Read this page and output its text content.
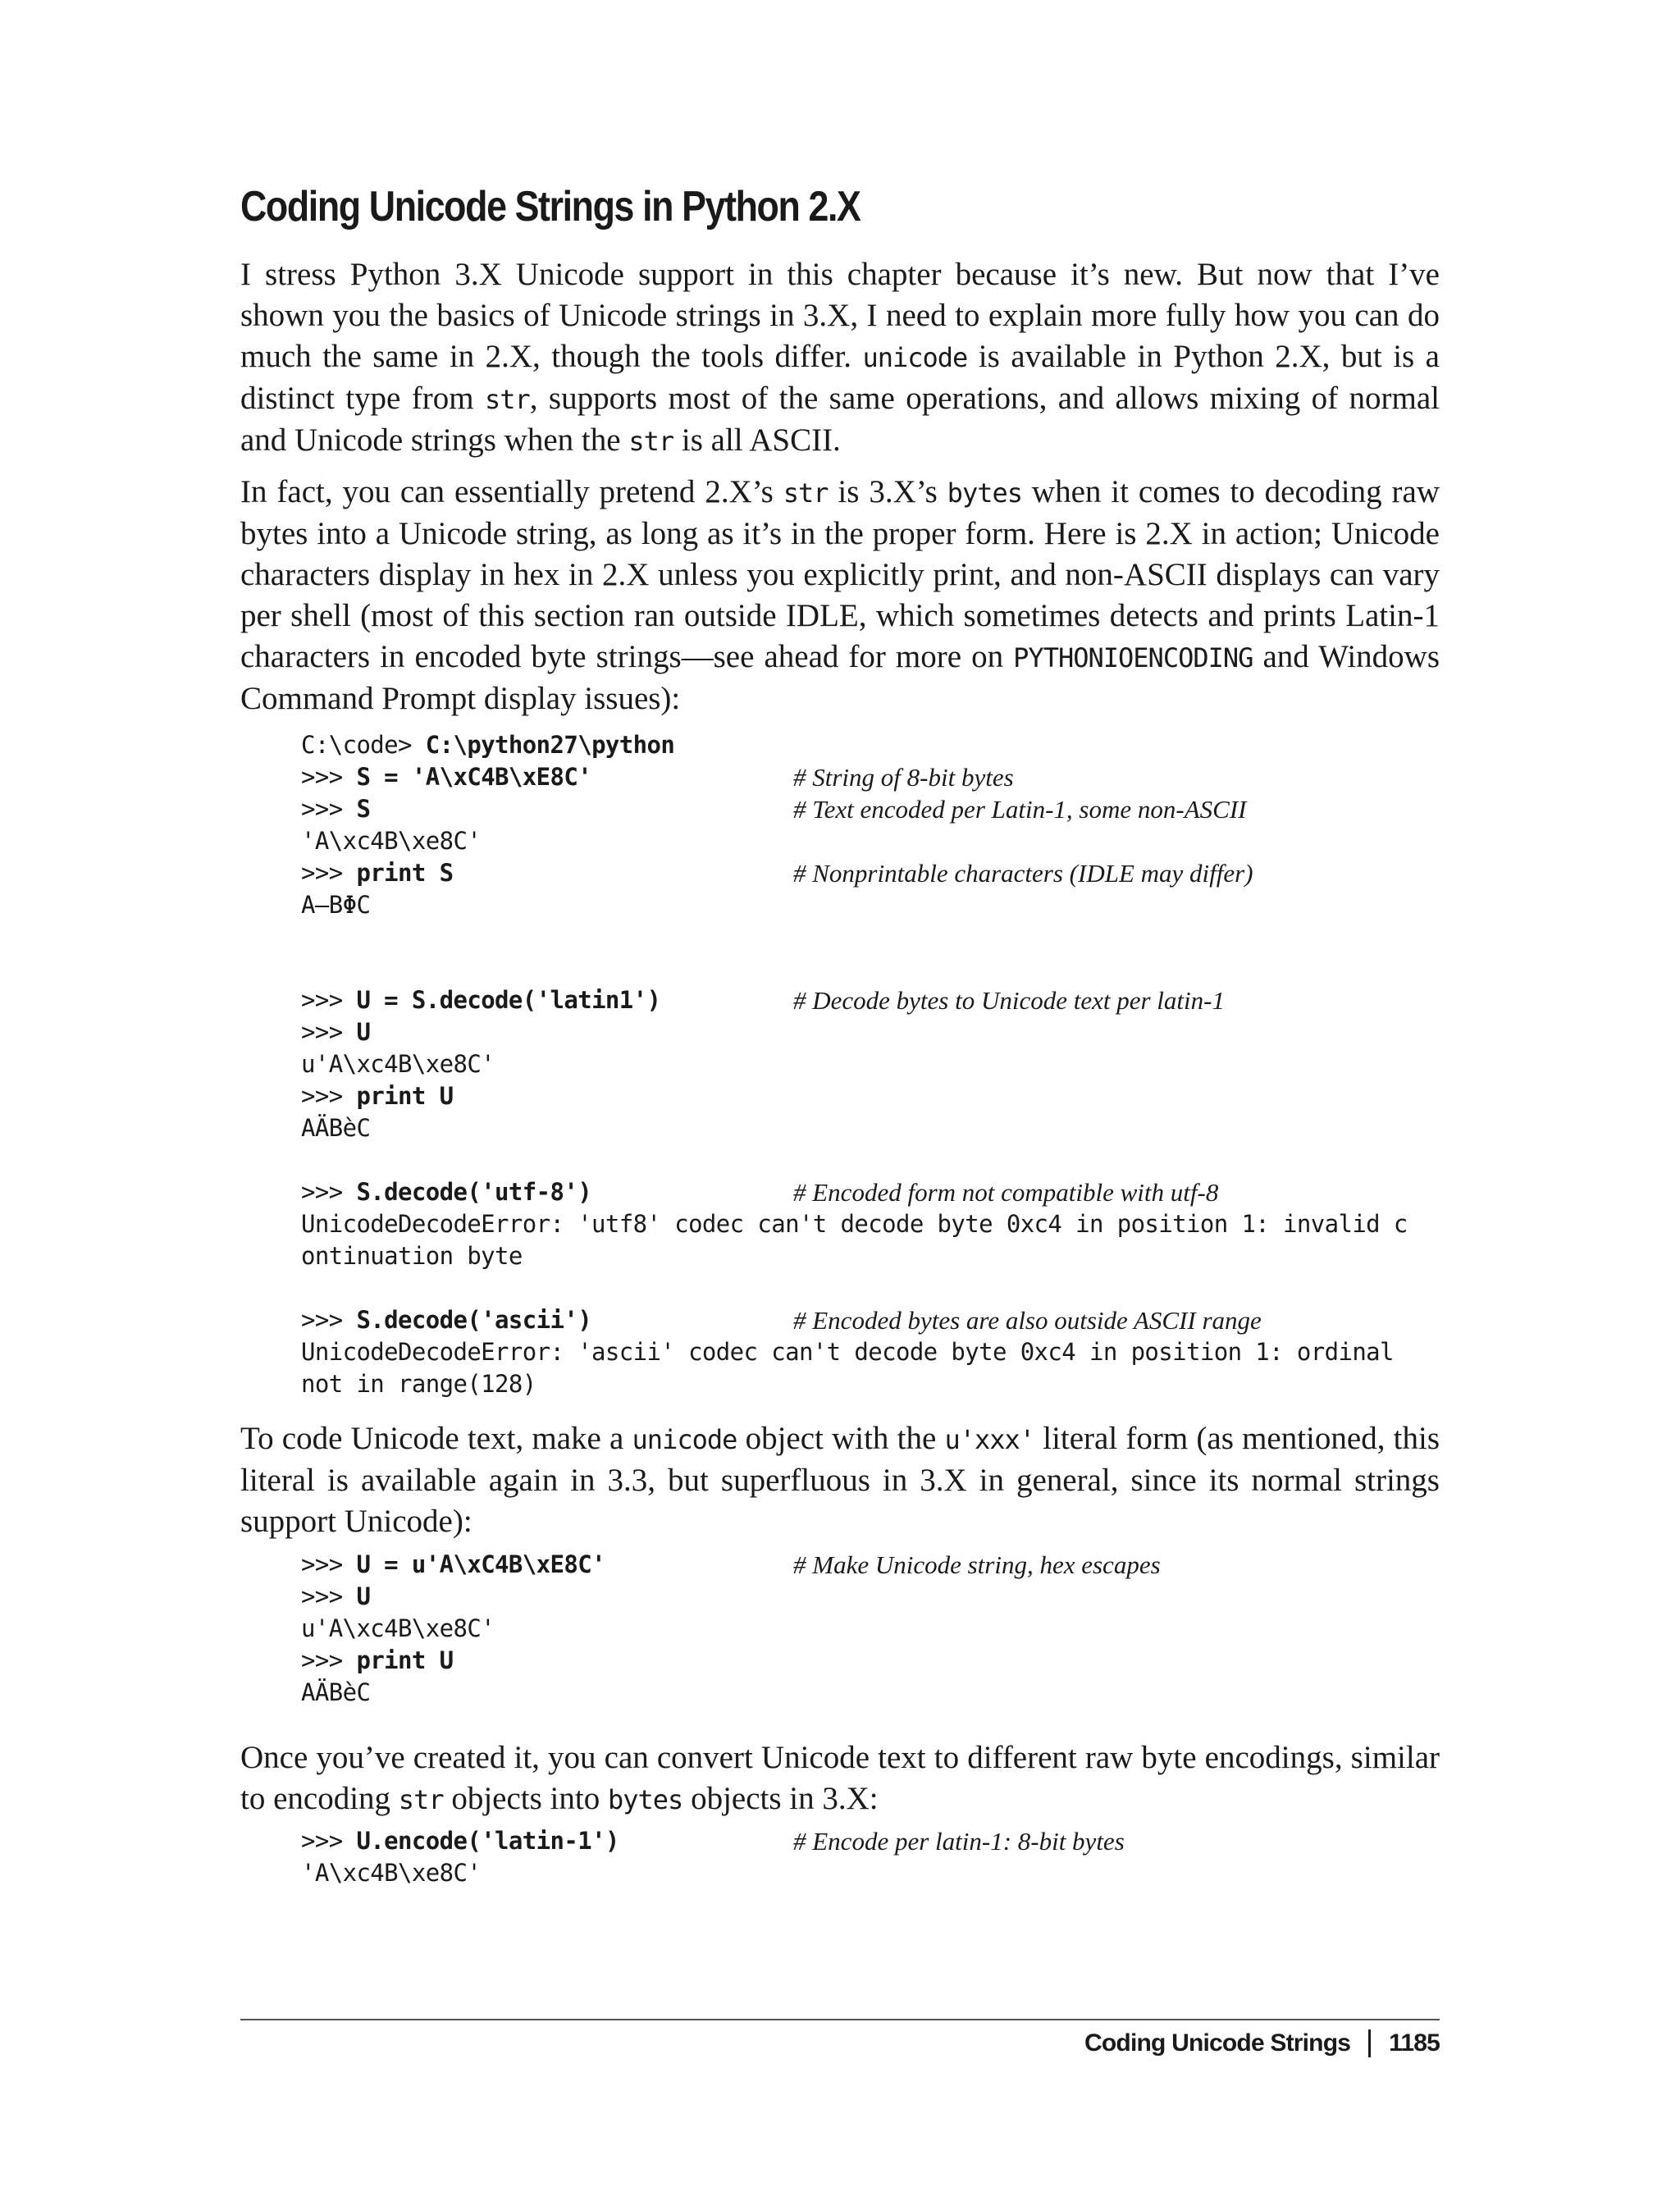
Coding Unicode Strings in Python 2.X

I stress Python 3.X Unicode support in this chapter because it’s new. But now that I’ve shown you the basics of Unicode strings in 3.X, I need to explain more fully how you can do much the same in 2.X, though the tools differ. unicode is available in Python 2.X, but is a distinct type from str, supports most of the same operations, and allows mixing of normal and Unicode strings when the str is all ASCII.

In fact, you can essentially pretend 2.X’s str is 3.X’s bytes when it comes to decoding raw bytes into a Unicode string, as long as it’s in the proper form. Here is 2.X in action; Unicode characters display in hex in 2.X unless you explicitly print, and non-ASCII displays can vary per shell (most of this section ran outside IDLE, which sometimes detects and prints Latin-1 characters in encoded byte strings—see ahead for more on PYTHONIOENCODING and Windows Command Prompt display issues):

C:\code> C:\python27\python
>>> S = 'A\xC4B\xE8C'	# String of 8-bit bytes
>>> S	# Text encoded per Latin-1, some non-ASCII
'A\xc4B\xe8C'
>>> print S	# Nonprintable characters (IDLE may differ)
A—BΦC
>>> U = S.decode('latin1')	# Decode bytes to Unicode text per latin-1
>>> U
u'A\xc4B\xe8C'
>>> print U
AÄBèC
>>> S.decode('utf-8')	# Encoded form not compatible with utf-8
UnicodeDecodeError: 'utf8' codec can't decode byte 0xc4 in position 1: invalid c
ontinuation byte
>>> S.decode('ascii')	# Encoded bytes are also outside ASCII range
UnicodeDecodeError: 'ascii' codec can't decode byte 0xc4 in position 1: ordinal
not in range(128)

To code Unicode text, make a unicode object with the u'xxx' literal form (as mentioned, this literal is available again in 3.3, but superfluous in 3.X in general, since its normal strings support Unicode):

>>> U = u'A\xC4B\xE8C'	# Make Unicode string, hex escapes
>>> U
u'A\xc4B\xe8C'
>>> print U
AÄBèC

Once you’ve created it, you can convert Unicode text to different raw byte encodings, similar to encoding str objects into bytes objects in 3.X:

>>> U.encode('latin-1')	# Encode per latin-1: 8-bit bytes
'A\xc4B\xe8C'
Coding Unicode Strings 1185
